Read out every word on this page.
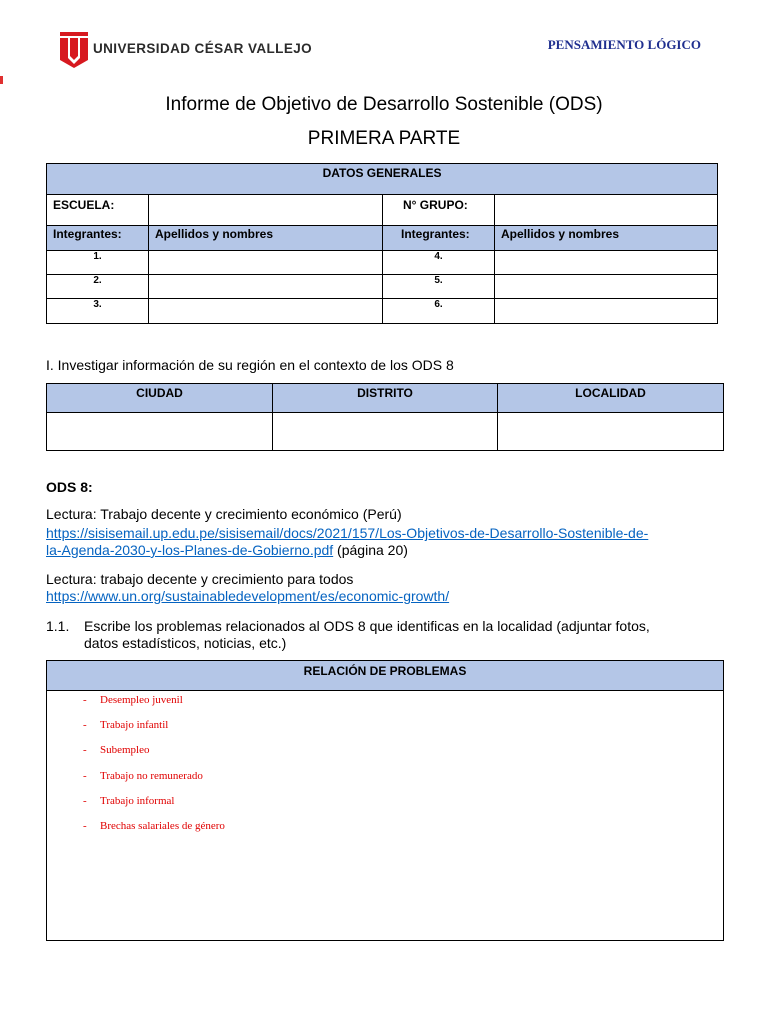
UNIVERSIDAD CÉSAR VALLEJO	PENSAMIENTO LÓGICO
Informe de Objetivo de Desarrollo Sostenible (ODS)
PRIMERA PARTE
DATOS GENERALES			
ESCUELA:		N° GRUPO:	
Integrantes:	Apellidos y nombres	Integrantes:	Apellidos y nombres
1.		4.	
2.		5.	
3.		6.	
I. Investigar información de su región en el contexto de los ODS 8
CIUDAD	DISTRITO	LOCALIDAD

ODS 8:
Lectura: Trabajo decente y crecimiento económico (Perú)
https://sisisemail.up.edu.pe/sisisemail/docs/2021/157/Los-Objetivos-de-Desarrollo-Sostenible-de-
la-Agenda-2030-y-los-Planes-de-Gobierno.pdf (página 20)
Lectura: trabajo decente y crecimiento para todos
https://www.un.org/sustainabledevelopment/es/economic-growth/
1.1. Escribe los problemas relacionados al ODS 8 que identificas en la localidad (adjuntar fotos,
datos estadísticos, noticias, etc.)
RELACIÓN DE PROBLEMAS

- Desempleo juvenil
- Trabajo infantil
- Subempleo
- Trabajo no remunerado
- Trabajo informal
- Brechas salariales de género
